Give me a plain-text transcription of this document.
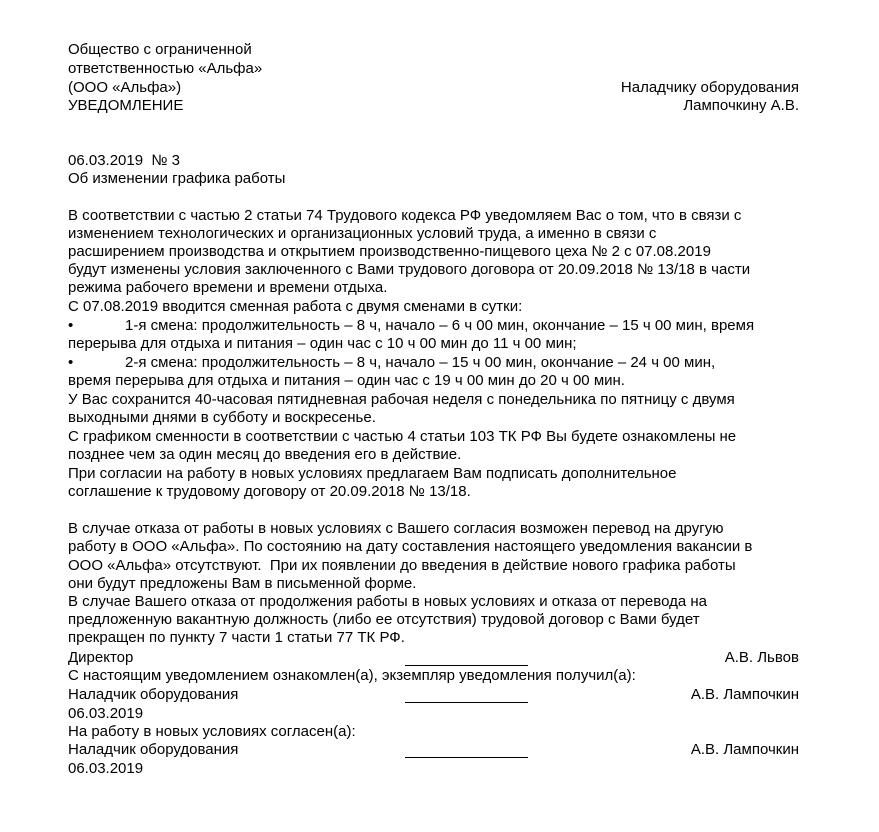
Общество с ограниченной
ответственностью «Альфа»
(ООО «Альфа»)
УВЕДОМЛЕНИЕ
Наладчику оборудования
Лампочкину А.В.
06.03.2019  № 3
Об изменении графика работы
В соответствии с частью 2 статьи 74 Трудового кодекса РФ уведомляем Вас о том, что в связи с
изменением технологических и организационных условий труда, а именно в связи с
расширением производства и открытием производственно-пищевого цеха № 2 с 07.08.2019
будут изменены условия заключенного с Вами трудового договора от 20.09.2018 № 13/18 в части
режима рабочего времени и времени отдыха.
С 07.08.2019 вводится сменная работа с двумя сменами в сутки:
•	1-я смена: продолжительность – 8 ч, начало – 6 ч 00 мин, окончание – 15 ч 00 мин, время
перерыва для отдыха и питания – один час с 10 ч 00 мин до 11 ч 00 мин;
•	2-я смена: продолжительность – 8 ч, начало – 15 ч 00 мин, окончание – 24 ч 00 мин,
время перерыва для отдыха и питания – один час с 19 ч 00 мин до 20 ч 00 мин.
У Вас сохранится 40-часовая пятидневная рабочая неделя с понедельника по пятницу с двумя
выходными днями в субботу и воскресенье.
С графиком сменности в соответствии с частью 4 статьи 103 ТК РФ Вы будете ознакомлены не
позднее чем за один месяц до введения его в действие.
При согласии на работу в новых условиях предлагаем Вам подписать дополнительное
соглашение к трудовому договору от 20.09.2018 № 13/18.
В случае отказа от работы в новых условиях с Вашего согласия возможен перевод на другую
работу в ООО «Альфа». По состоянию на дату составления настоящего уведомления вакансии в
ООО «Альфа» отсутствуют.  При их появлении до введения в действие нового графика работы
они будут предложены Вам в письменной форме.
В случае Вашего отказа от продолжения работы в новых условиях и отказа от перевода на
предложенную вакантную должность (либо ее отсутствия) трудовой договор с Вами будет
прекращен по пункту 7 части 1 статьи 77 ТК РФ.
Директор	А.В. Львов
С настоящим уведомлением ознакомлен(а), экземпляр уведомления получил(а):
Наладчик оборудования	А.В. Лампочкин
06.03.2019
На работу в новых условиях согласен(а):
Наладчик оборудования	А.В. Лампочкин
06.03.2019
